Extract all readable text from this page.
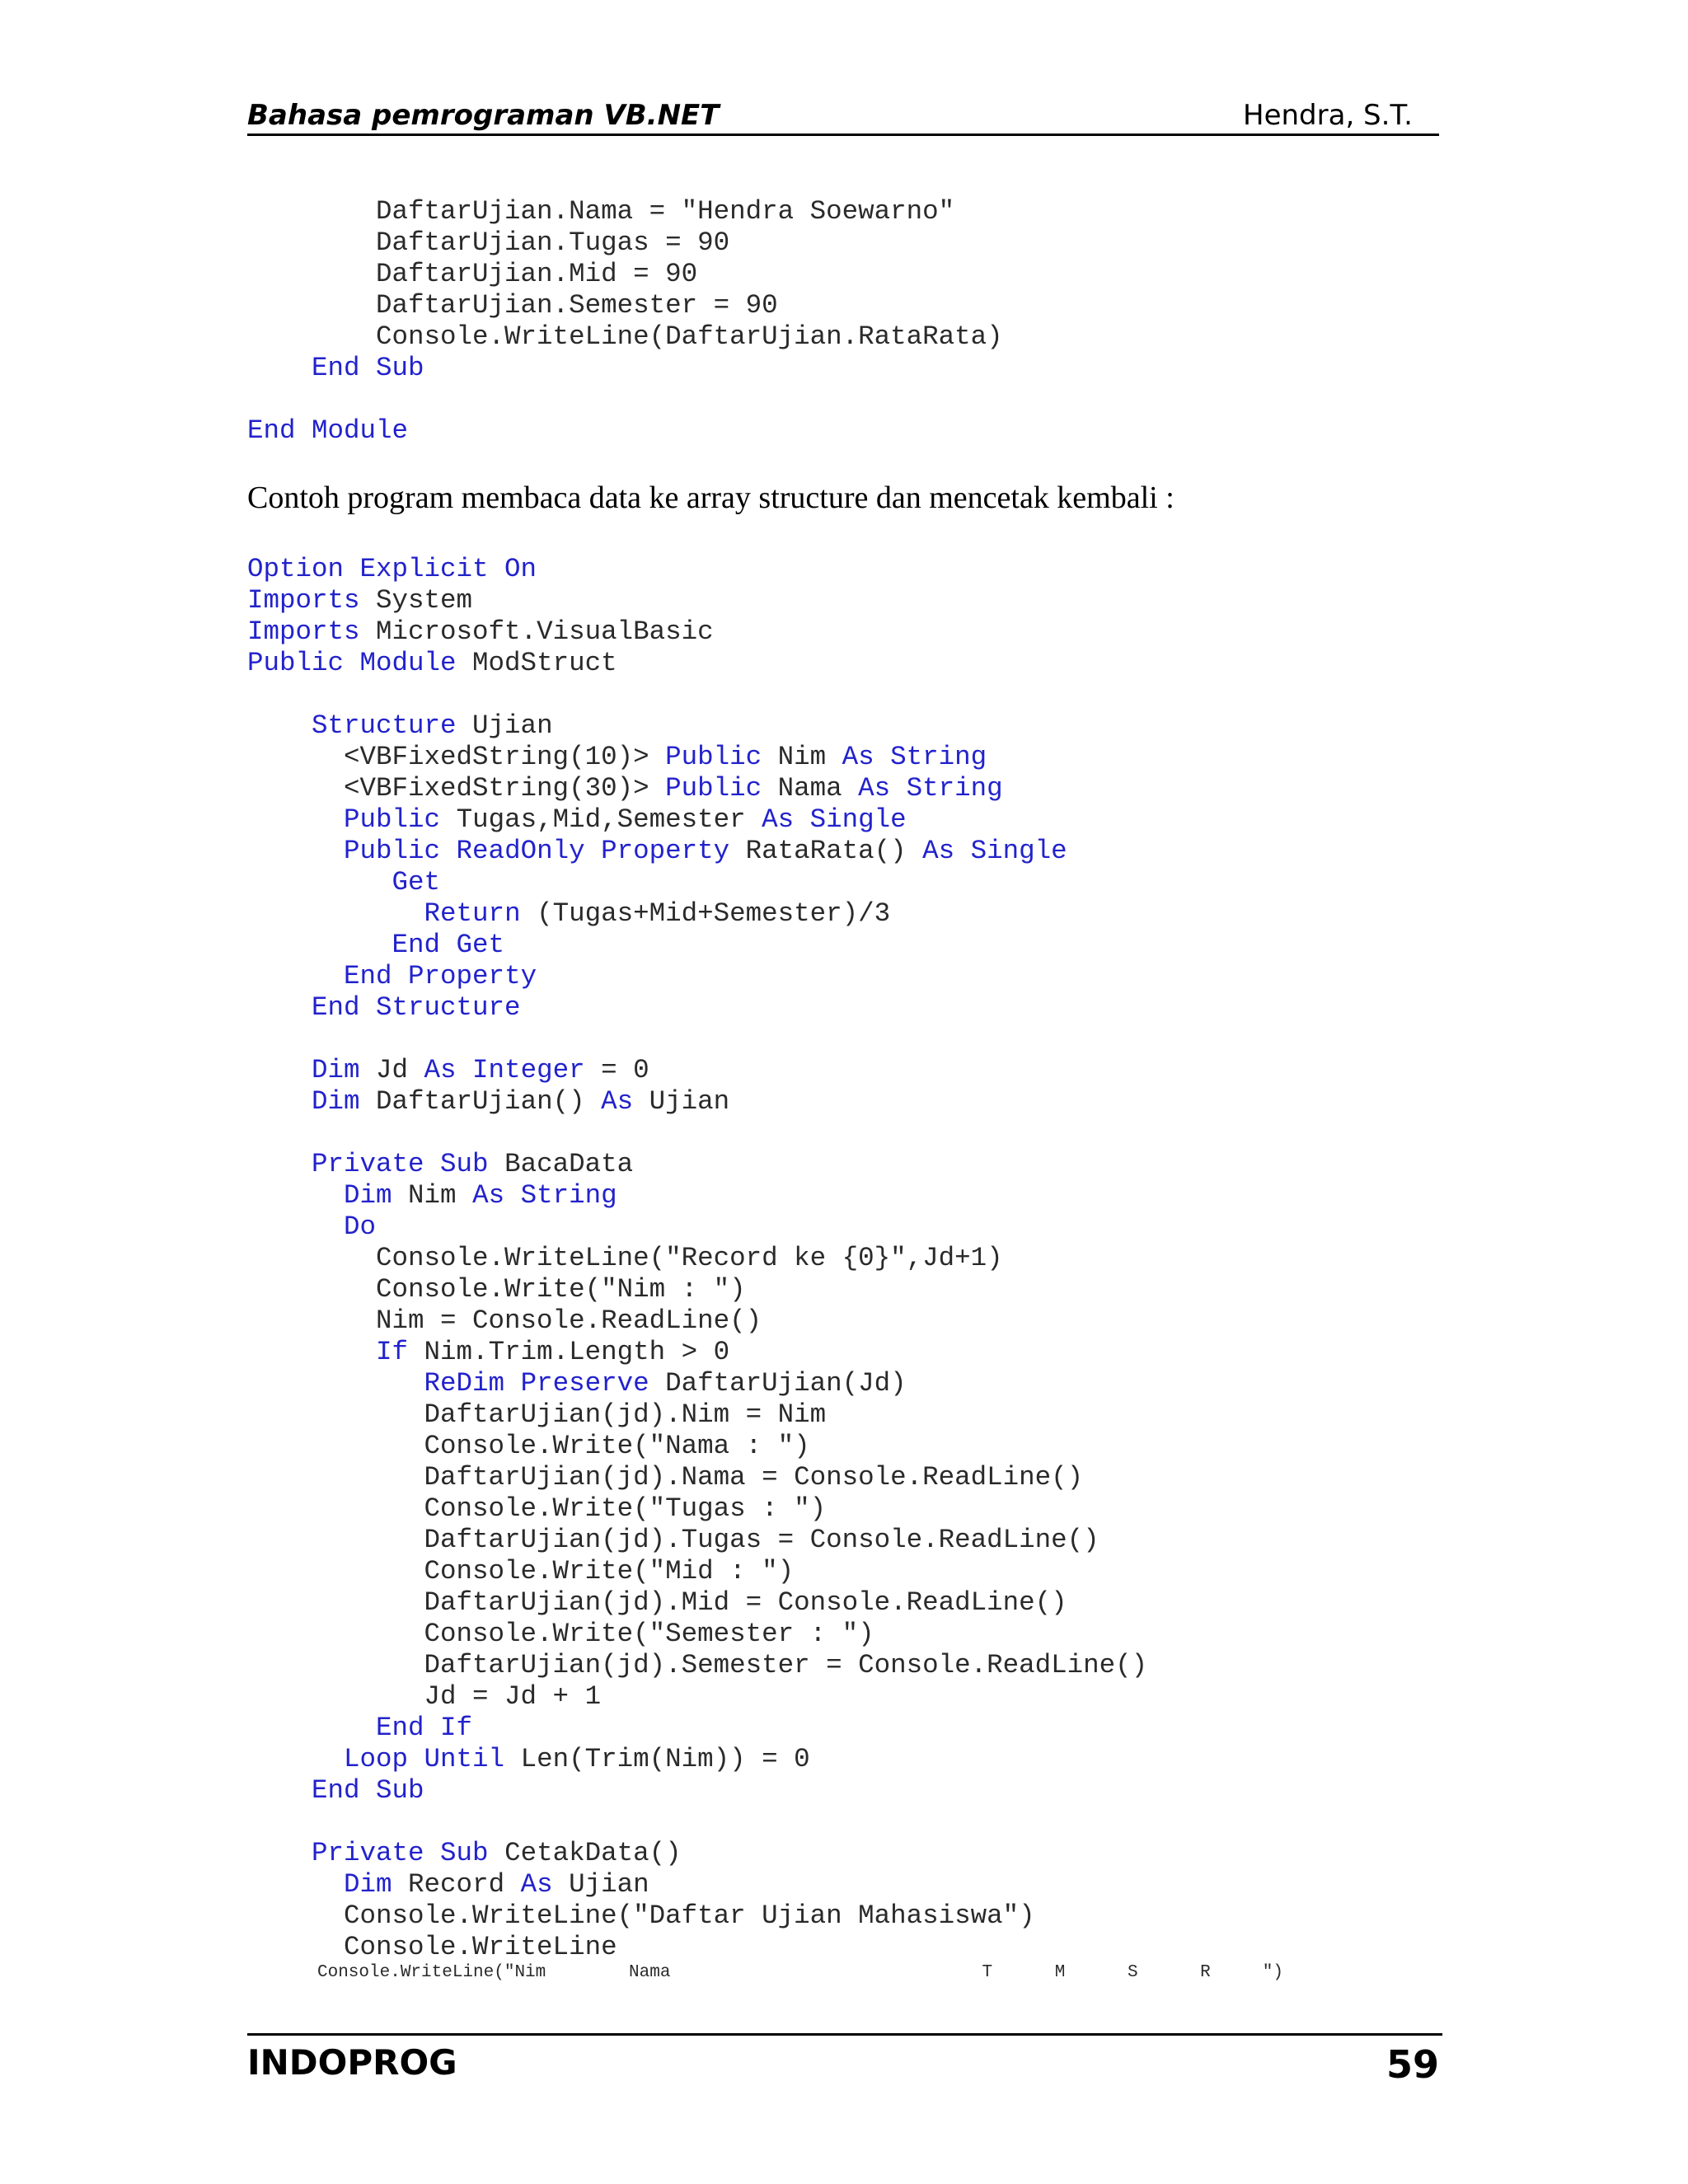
Bahasa pemrograman VB.NET	Hendra, S.T.
DaftarUjian.Nama = "Hendra Soewarno"
DaftarUjian.Tugas = 90
DaftarUjian.Mid = 90
DaftarUjian.Semester = 90
Console.WriteLine(DaftarUjian.RataRata)
End Sub

End Module
Contoh program membaca data ke array structure dan mencetak kembali :
Option Explicit On
Imports System
Imports Microsoft.VisualBasic
Public Module ModStruct

Structure Ujian
<VBFixedString(10)> Public Nim As String
<VBFixedString(30)> Public Nama As String
Public Tugas,Mid,Semester As Single
Public ReadOnly Property RataRata() As Single
Get
Return (Tugas+Mid+Semester)/3
End Get
End Property
End Structure

Dim Jd As Integer = 0
Dim DaftarUjian() As Ujian

Private Sub BacaData
Dim Nim As String
Do
Console.WriteLine("Record ke {0}",Jd+1)
Console.Write("Nim : ")
Nim = Console.ReadLine()
If Nim.Trim.Length > 0
ReDim Preserve DaftarUjian(Jd)
DaftarUjian(jd).Nim = Nim
Console.Write("Nama : ")
DaftarUjian(jd).Nama = Console.ReadLine()
Console.Write("Tugas : ")
DaftarUjian(jd).Tugas = Console.ReadLine()
Console.Write("Mid : ")
DaftarUjian(jd).Mid = Console.ReadLine()
Console.Write("Semester : ")
DaftarUjian(jd).Semester = Console.ReadLine()
Jd = Jd + 1
End If
Loop Until Len(Trim(Nim)) = 0
End Sub

Private Sub CetakData()
Dim Record As Ujian
Console.WriteLine("Daftar Ujian Mahasiswa")
Console.WriteLine
Console.WriteLine("Nim        Nama                              T      M      S      R     ")
INDOPROG	59
